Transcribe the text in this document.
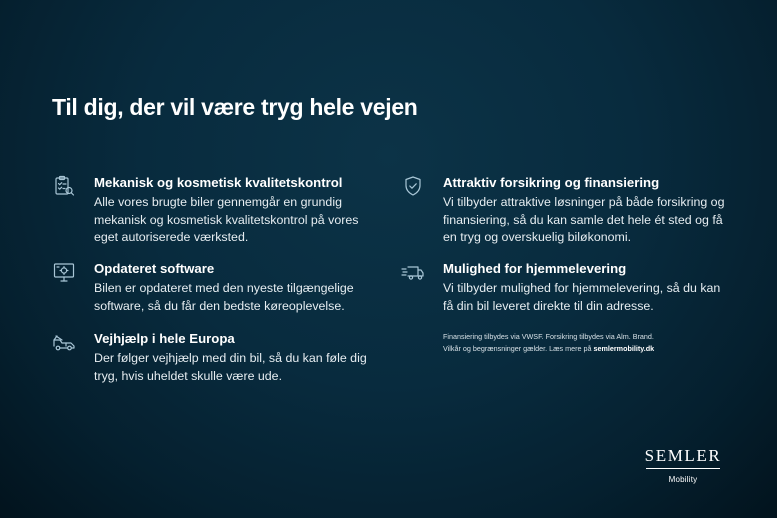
Til dig, der vil være tryg hele vejen
Mekanisk og kosmetisk kvalitetskontrol

Alle vores brugte biler gennemgår en grundig mekanisk og kosmetisk kvalitetskontrol på vores eget autoriserede værksted.

Opdateret software

Bilen er opdateret med den nyeste tilgængelige software, så du får den bedste køreoplevelse.

Vejhjælp i hele Europa

Der følger vejhjælp med din bil, så du kan føle dig tryg, hvis uheldet skulle være ude.

Attraktiv forsikring og finansiering

Vi tilbyder attraktive løsninger på både forsikring og finansiering, så du kan samle det hele ét sted og få en tryg og overskuelig biløkonomi.

Mulighed for hjemmelevering

Vi tilbyder mulighed for hjemmelevering, så du kan få din bil leveret direkte til din adresse.

Finansiering tilbydes via VWSF. Forsikring tilbydes via Alm. Brand.
Vilkår og begrænsninger gælder. Læs mere på semlermobility.dk
SEMLER
Mobility
